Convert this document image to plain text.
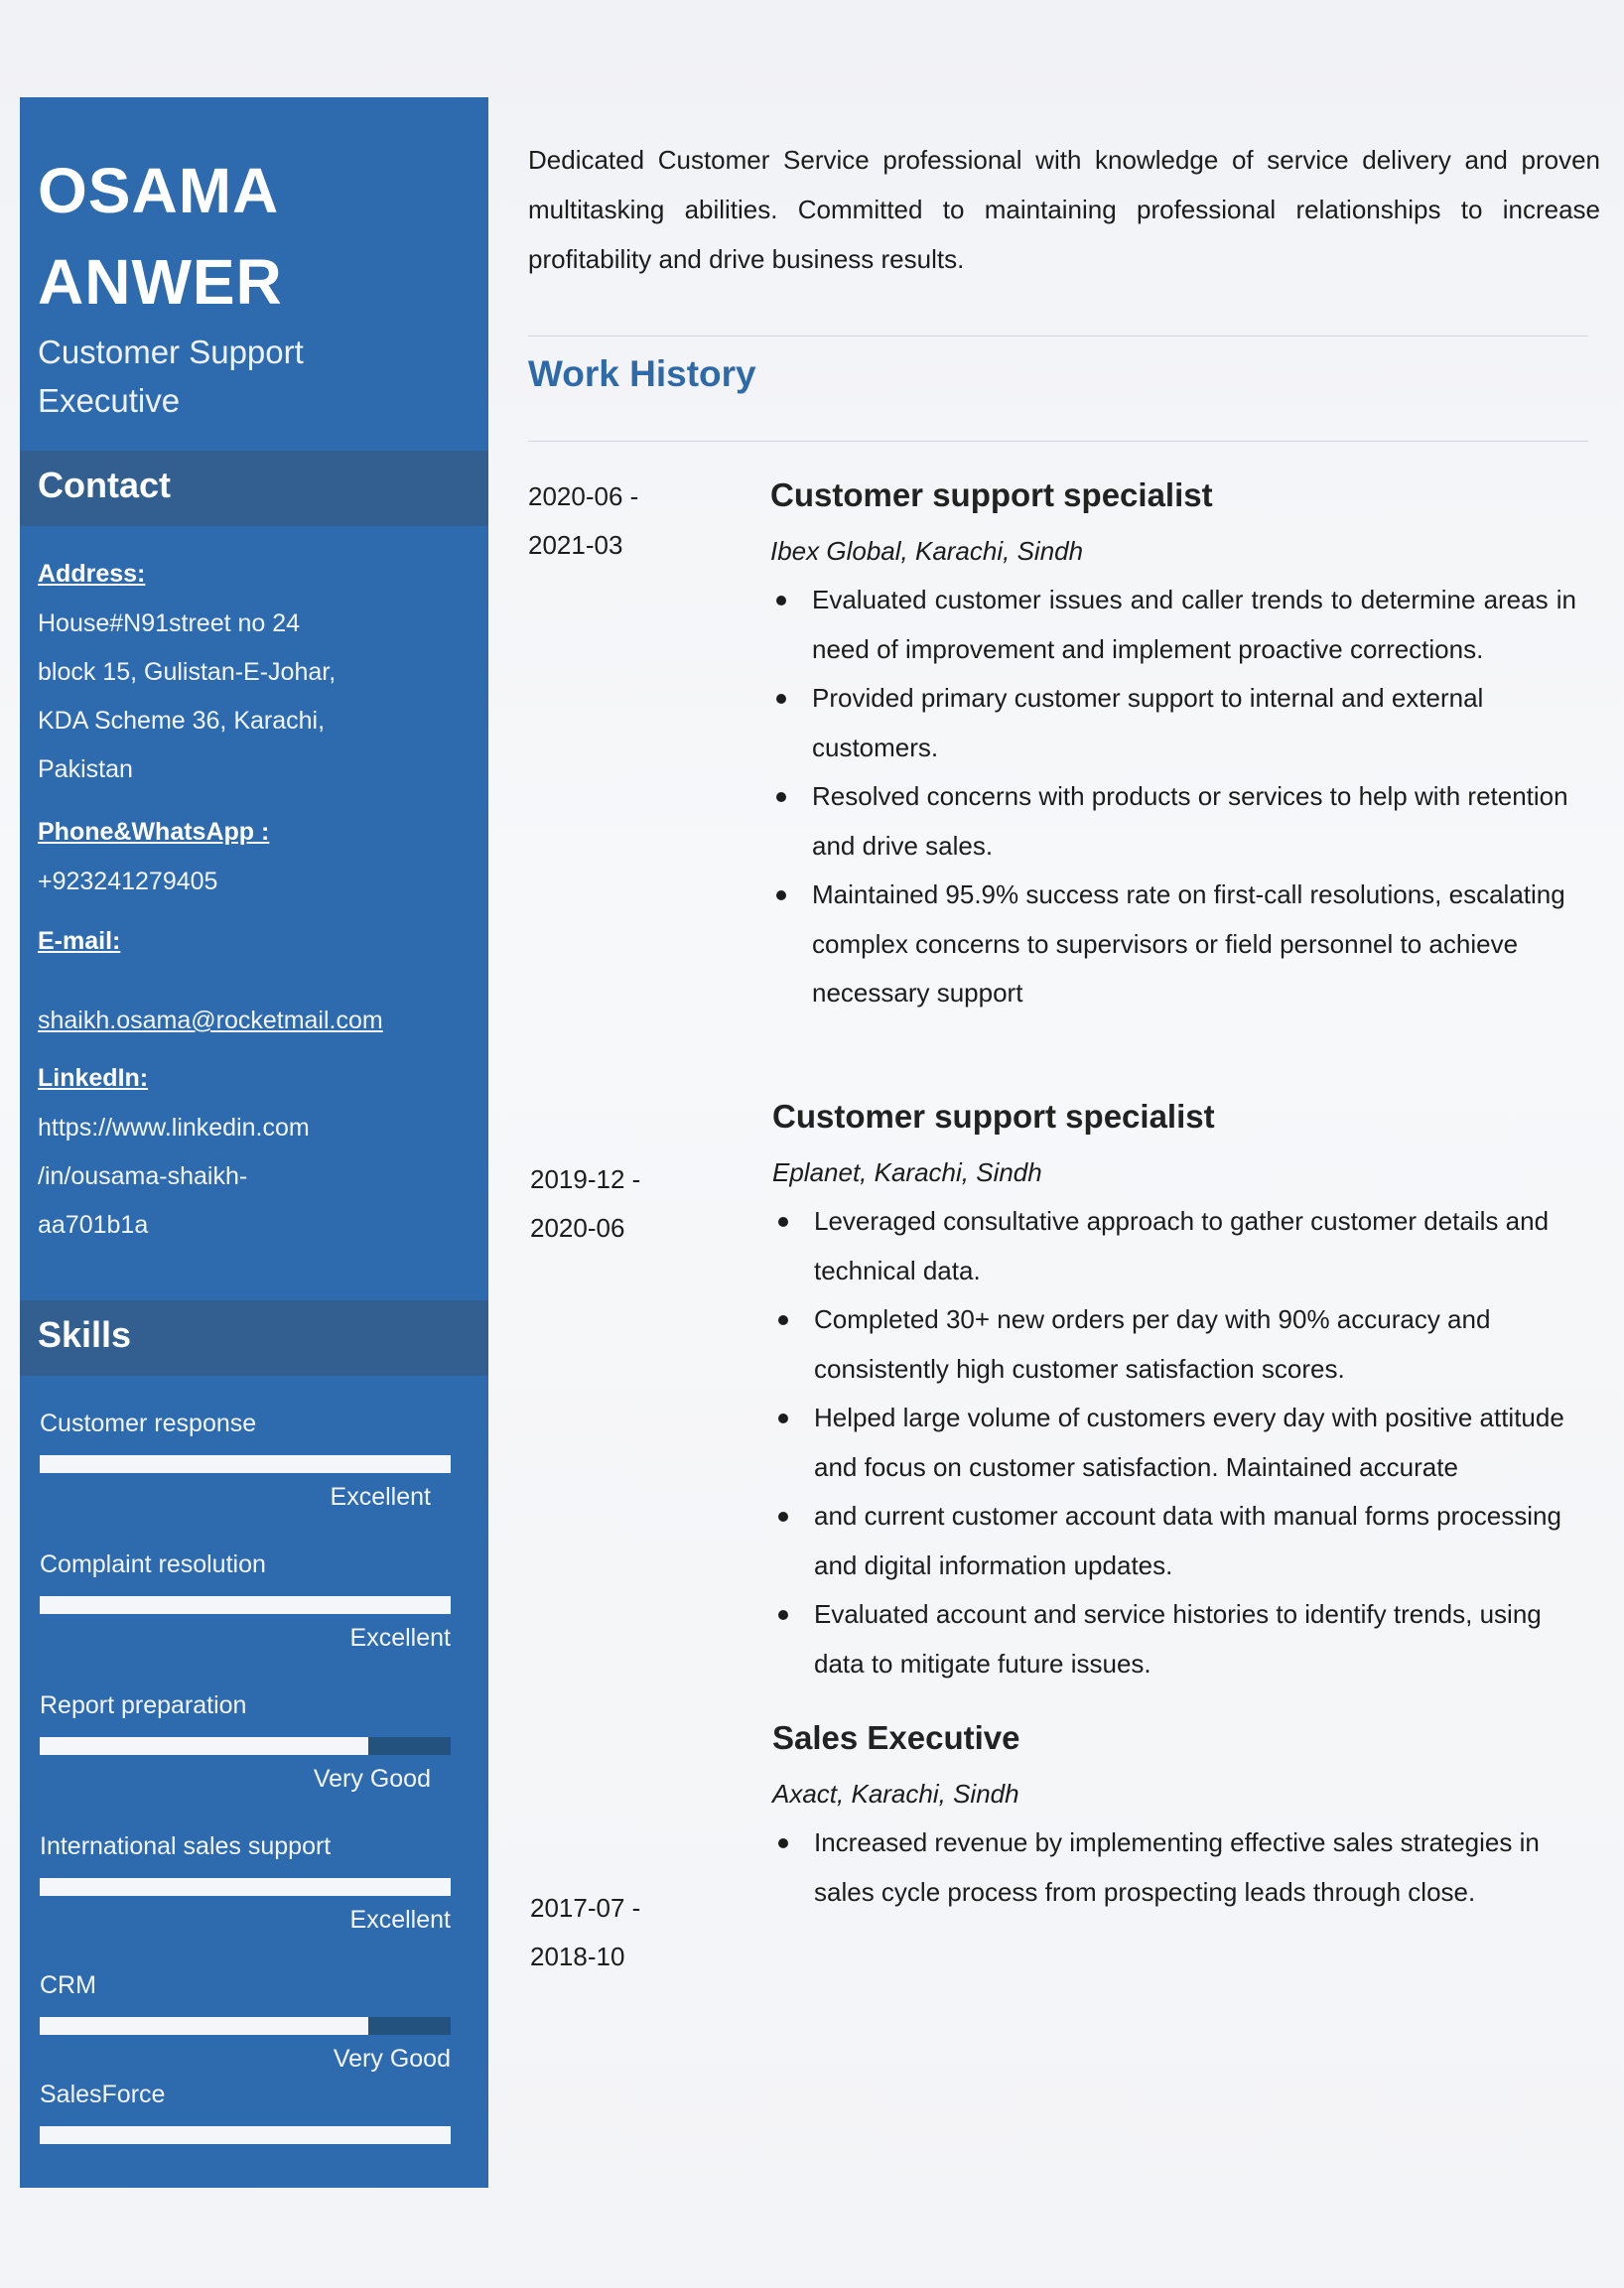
OSAMA
ANWER
Customer Support Executive
Contact
Address:
House#N91street no 24
block 15, Gulistan-E-Johar,
KDA Scheme 36, Karachi,
Pakistan
Phone&WhatsApp :
+923241279405
E-mail:
shaikh.osama@rocketmail.com
LinkedIn:
https://www.linkedin.com
/in/ousama-shaikh-
aa701b1a
Skills
Customer response
Excellent
Complaint resolution
Excellent
Report preparation
Very Good
International sales support
Excellent
CRM
Very Good
SalesForce
Dedicated Customer Service professional with knowledge of service delivery and proven multitasking abilities. Committed to maintaining professional relationships to increase profitability and drive business results.
Work History
2020-06 -
2021-03
Customer support specialist
Ibex Global, Karachi, Sindh
Evaluated customer issues and caller trends to determine areas in need of improvement and implement proactive corrections.
Provided primary customer support to internal and external customers.
Resolved concerns with products or services to help with retention and drive sales.
Maintained 95.9% success rate on first-call resolutions, escalating complex concerns to supervisors or field personnel to achieve necessary support
Customer support specialist
2019-12 -
2020-06
Eplanet, Karachi, Sindh
Leveraged consultative approach to gather customer details and technical data.
Completed 30+ new orders per day with 90% accuracy and consistently high customer satisfaction scores.
Helped large volume of customers every day with positive attitude and focus on customer satisfaction. Maintained accurate
and current customer account data with manual forms processing and digital information updates.
Evaluated account and service histories to identify trends, using data to mitigate future issues.
Sales Executive
Axact, Karachi, Sindh
Increased revenue by implementing effective sales strategies in sales cycle process from prospecting leads through close.
2017-07 -
2018-10
